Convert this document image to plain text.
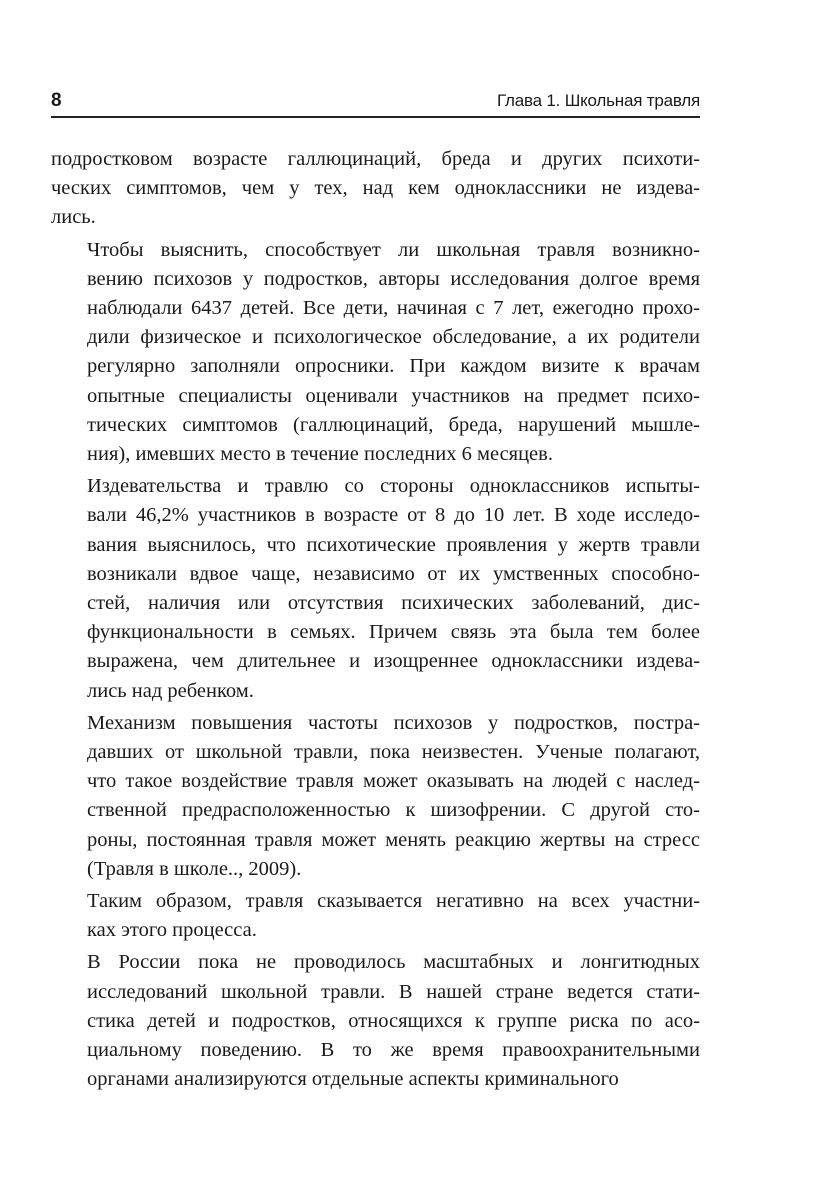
8	Глава 1. Школьная травля

подростковом возрасте галлюцинаций, бреда и других психоти-
ческих симптомов, чем у тех, над кем одноклассники не издева-
лись.

Чтобы выяснить, способствует ли школьная травля возникно-
вению психозов у подростков, авторы исследования долгое время
наблюдали 6437 детей. Все дети, начиная с 7 лет, ежегодно прохо-
дили физическое и психологическое обследование, а их родители
регулярно заполняли опросники. При каждом визите к врачам
опытные специалисты оценивали участников на предмет психо-
тических симптомов (галлюцинаций, бреда, нарушений мышле-
ния), имевших место в течение последних 6 месяцев.

Издевательства и травлю со стороны одноклассников испыты-
вали 46,2% участников в возрасте от 8 до 10 лет. В ходе исследо-
вания выяснилось, что психотические проявления у жертв травли
возникали вдвое чаще, независимо от их умственных способно-
стей, наличия или отсутствия психических заболеваний, дис-
функциональности в семьях. Причем связь эта была тем более
выражена, чем длительнее и изощреннее одноклассники издева-
лись над ребенком.

Механизм повышения частоты психозов у подростков, постра-
давших от школьной травли, пока неизвестен. Ученые полагают,
что такое воздействие травля может оказывать на людей с наслед-
ственной предрасположенностью к шизофрении. С другой сто-
роны, постоянная травля может менять реакцию жертвы на стресс
(Травля в школе.., 2009).

Таким образом, травля сказывается негативно на всех участни-
ках этого процесса.

В России пока не проводилось масштабных и лонгитюдных
исследований школьной травли. В нашей стране ведется стати-
стика детей и подростков, относящихся к группе риска по асо-
циальному поведению. В то же время правоохранительными
органами анализируются отдельные аспекты криминального
